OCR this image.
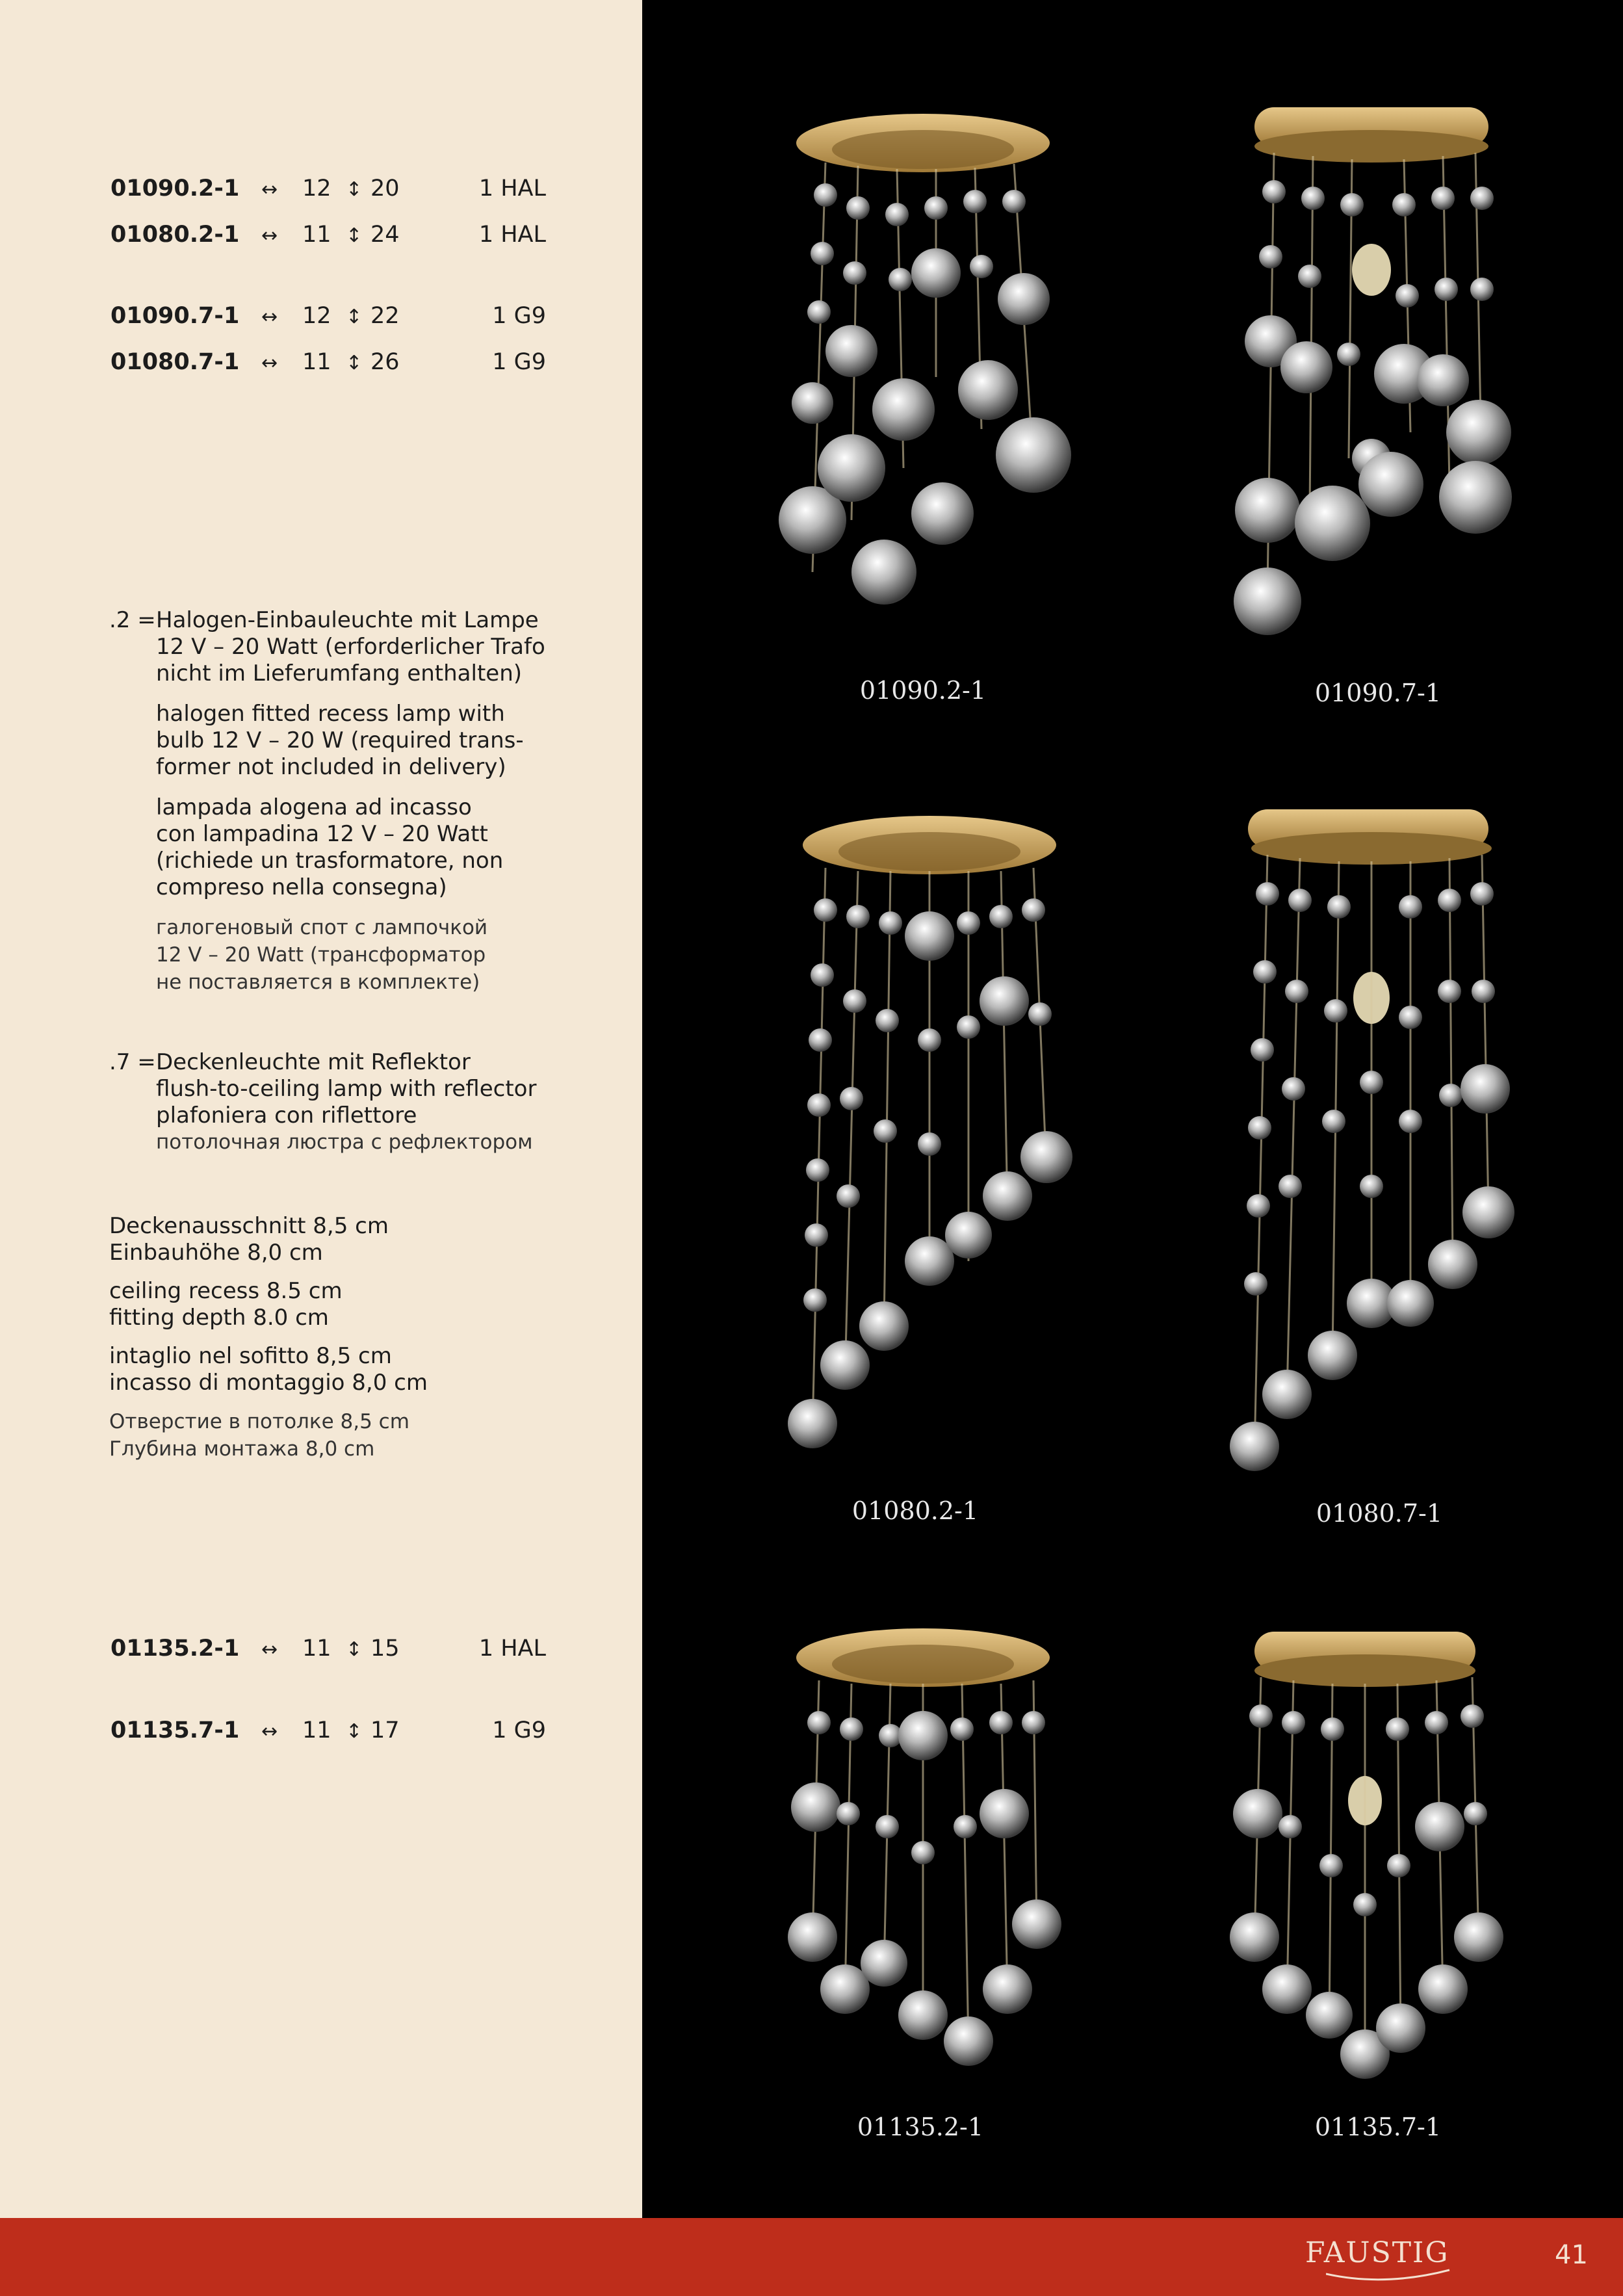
01090.2-1 ↔ 12 ↕ 20	1 HAL
01080.2-1 ↔ 11 ↕ 24	1 HAL
01090.7-1 ↔ 12 ↕ 22	1 G9
01080.7-1 ↔ 11 ↕ 26	1 G9
.2 = Halogen-Einbauleuchte mit Lampe
12 V – 20 Watt (erforderlicher Trafo
nicht im Lieferumfang enthalten)
halogen fitted recess lamp with
bulb 12 V – 20 W (required trans-
former not included in delivery)
lampada alogena ad incasso
con lampadina 12 V – 20 Watt
(richiede un trasformatore, non
compreso nella consegna)
галогеновый спот с лампочкой
12 V – 20 Watt (трансформатор
не поставляется в комплекте)
.7 = Deckenleuchte mit Reflektor
flush-to-ceiling lamp with reflector
plafoniera con riflettore
потолочная люстра с рефлектором
Deckenausschnitt 8,5 cm
Einbauhöhe 8,0 cm
ceiling recess 8.5 cm
fitting depth 8.0 cm
intaglio nel sofitto 8,5 cm
incasso di montaggio 8,0 cm
Отверстие в потолке 8,5 cm
Глубина монтажа 8,0 cm
01135.2-1 ↔ 11 ↕ 15	1 HAL
01135.7-1 ↔ 11 ↕ 17	1 G9
01090.2-1	01090.7-1
01080.2-1	01080.7-1
01135.2-1	01135.7-1
FAUSTIG	41
